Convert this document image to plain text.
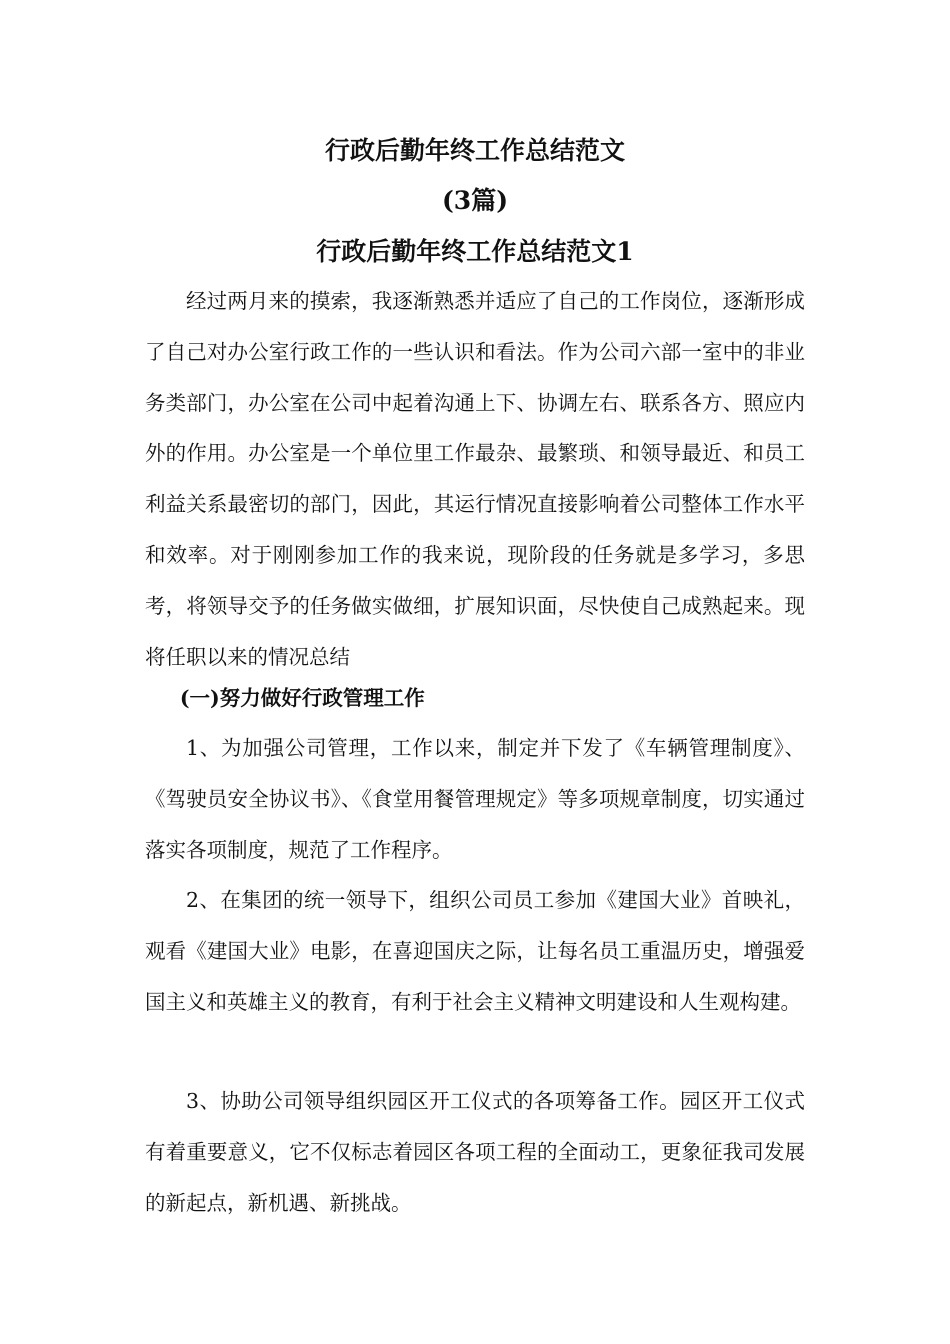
行政后勤年终工作总结范文
(3篇)
行政后勤年终工作总结范文1

经过两月来的摸索，我逐渐熟悉并适应了自己的工作岗位，逐渐形成了自己对办公室行政工作的一些认识和看法。作为公司六部一室中的非业务类部门，办公室在公司中起着沟通上下、协调左右、联系各方、照应内外的作用。办公室是一个单位里工作最杂、最繁琐、和领导最近、和员工利益关系最密切的部门，因此，其运行情况直接影响着公司整体工作水平和效率。对于刚刚参加工作的我来说，现阶段的任务就是多学习，多思考，将领导交予的任务做实做细，扩展知识面，尽快使自己成熟起来。现将任职以来的情况总结

(一)努力做好行政管理工作

1、为加强公司管理，工作以来，制定并下发了《车辆管理制度》、《驾驶员安全协议书》、《食堂用餐管理规定》等多项规章制度，切实通过落实各项制度，规范了工作程序。

2、在集团的统一领导下，组织公司员工参加《建国大业》首映礼，观看《建国大业》电影，在喜迎国庆之际，让每名员工重温历史，增强爱国主义和英雄主义的教育，有利于社会主义精神文明建设和人生观构建。

3、协助公司领导组织园区开工仪式的各项筹备工作。园区开工仪式有着重要意义，它不仅标志着园区各项工程的全面动工，更象征我司发展的新起点，新机遇、新挑战。
